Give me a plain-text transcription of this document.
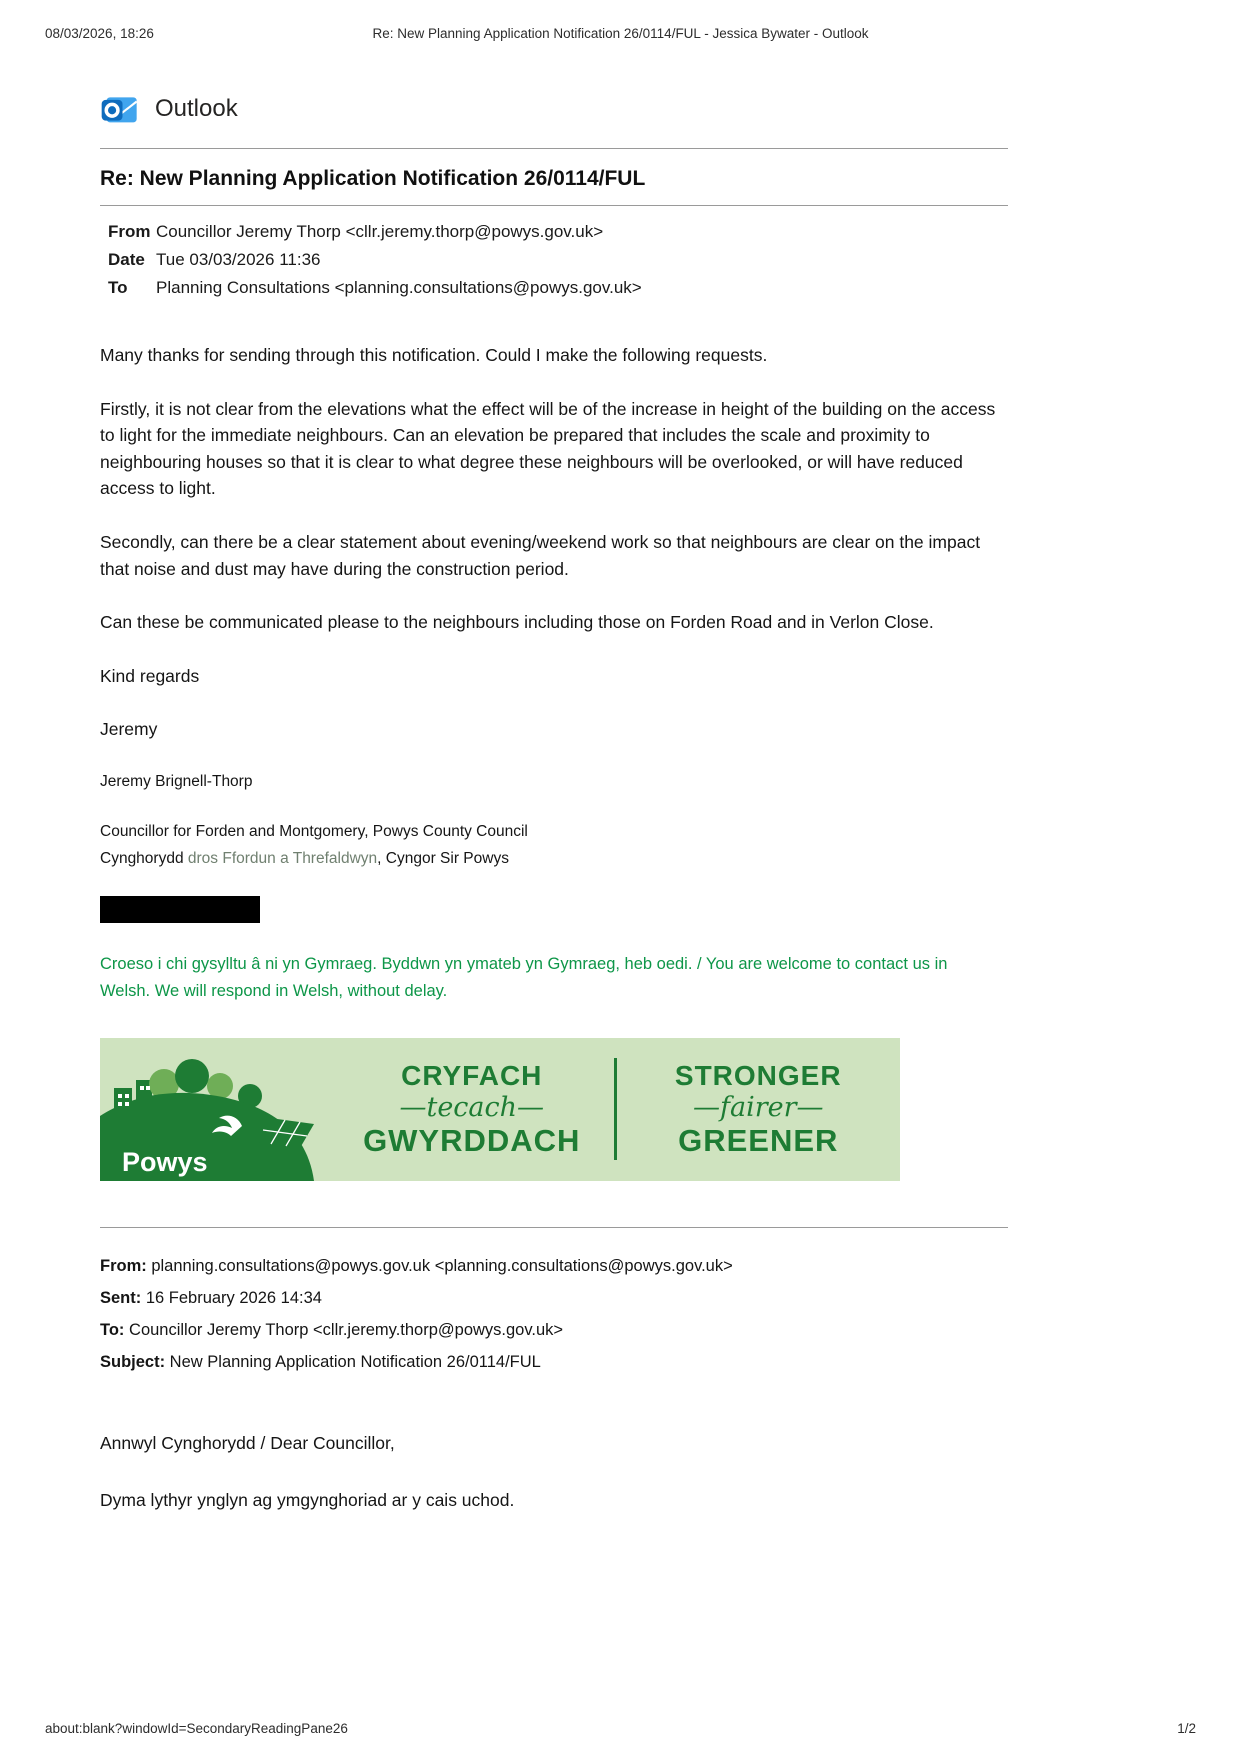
08/03/2026, 18:26	Re: New Planning Application Notification 26/0114/FUL - Jessica Bywater - Outlook
Outlook
Re: New Planning Application Notification 26/0114/FUL
From Councillor Jeremy Thorp <cllr.jeremy.thorp@powys.gov.uk>
Date Tue 03/03/2026 11:36
To	Planning Consultations <planning.consultations@powys.gov.uk>

Many thanks for sending through this notification. Could I make the following requests.

Firstly, it is not clear from the elevations what the effect will be of the increase in height of the building on the access to light for the immediate neighbours. Can an elevation be prepared that includes the scale and proximity to neighbouring houses so that it is clear to what degree these neighbours will be overlooked, or will have reduced access to light.

Secondly, can there be a clear statement about evening/weekend work so that neighbours are clear on the impact that noise and dust may have during the construction period.

Can these be communicated please to the neighbours including those on Forden Road and in Verlon Close.

Kind regards

Jeremy

Jeremy Brignell-Thorp
Councillor for Forden and Montgomery, Powys County Council
Cynghorydd dros Ffordun a Threfaldwyn, Cyngor Sir Powys
Croeso i chi gysylltu â ni yn Gymraeg. Byddwn yn ymateb yn Gymraeg, heb oedi. / You are welcome to contact us in Welsh. We will respond in Welsh, without delay.
Powys
CRYFACH
—tecach—
GWYRDDACH
STRONGER
—fairer—
GREENER
From: planning.consultations@powys.gov.uk <planning.consultations@powys.gov.uk>
Sent: 16 February 2026 14:34
To: Councillor Jeremy Thorp <cllr.jeremy.thorp@powys.gov.uk>
Subject: New Planning Application Notification 26/0114/FUL
Annwyl Cynghorydd / Dear Councillor,
Dyma lythyr ynglyn ag ymgynghoriad ar y cais uchod.
about:blank?windowId=SecondaryReadingPane26	1/2
